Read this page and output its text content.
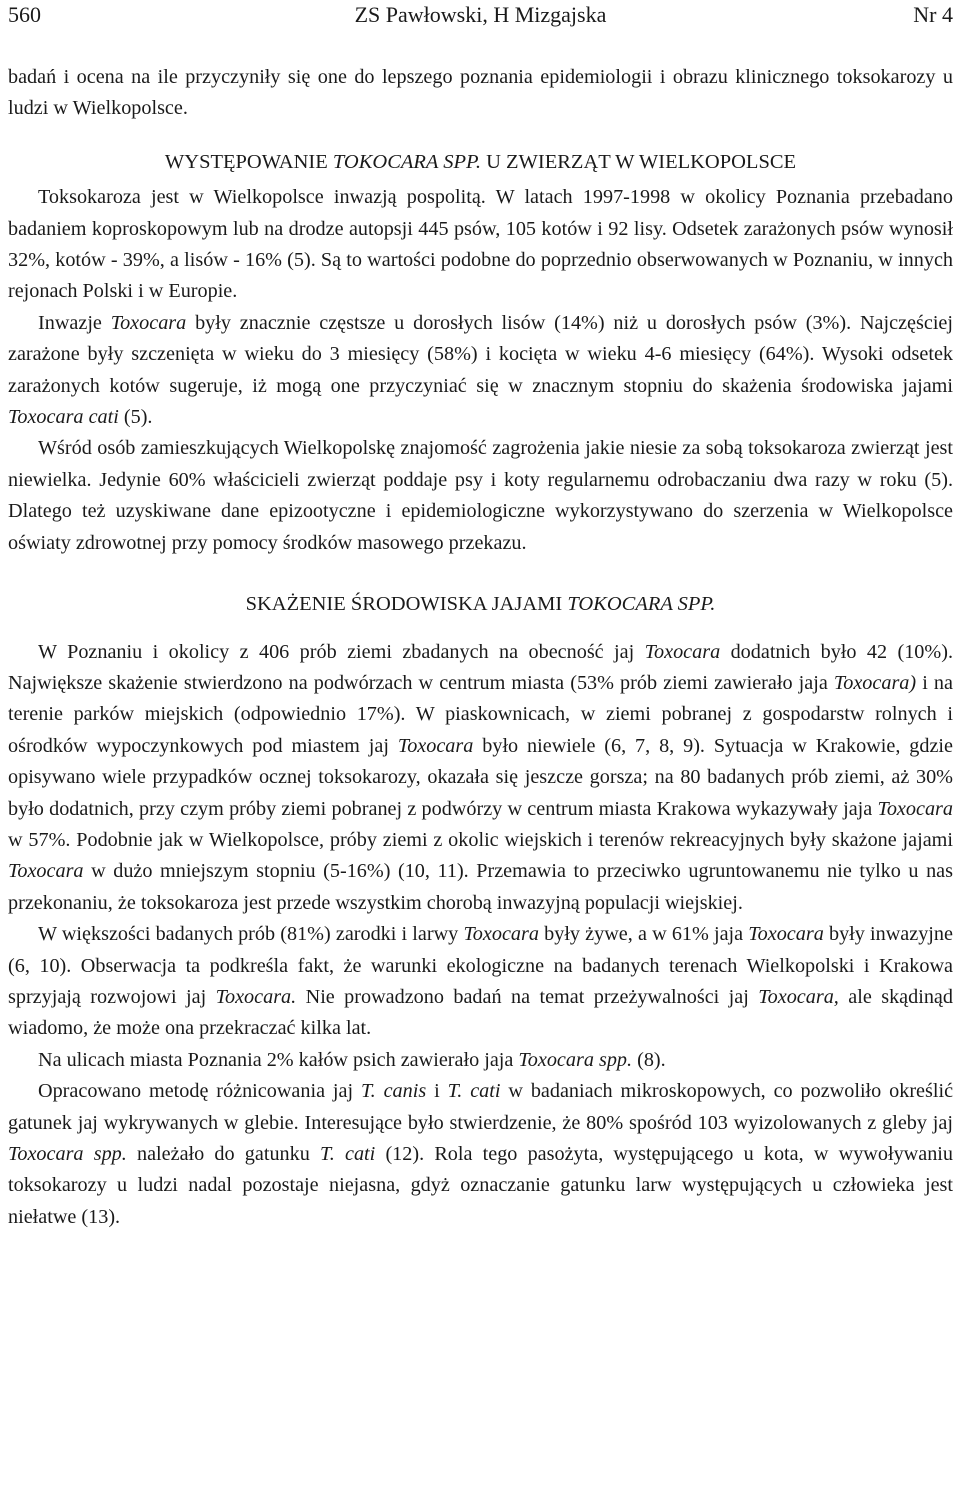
560	ZS Pawłowski, H Mizgajska	Nr 4

badań i ocena na ile przyczyniły się one do lepszego poznania epidemiologii i obrazu klinicznego toksokarozy u ludzi w Wielkopolsce.

WYSTĘPOWANIE TOKOCARA SPP. U ZWIERZĄT W WIELKOPOLSCE

Toksokaroza jest w Wielkopolsce inwazją pospolitą. W latach 1997-1998 w okolicy Poznania przebadano badaniem koproskopowym lub na drodze autopsji 445 psów, 105 kotów i 92 lisy. Odsetek zarażonych psów wynosił 32%, kotów - 39%, a lisów - 16% (5). Są to wartości podobne do poprzednio obserwowanych w Poznaniu, w innych rejonach Polski i w Europie.

Inwazje Toxocara były znacznie częstsze u dorosłych lisów (14%) niż u dorosłych psów (3%). Najczęściej zarażone były szczenięta w wieku do 3 miesięcy (58%) i kocięta w wieku 4-6 miesięcy (64%). Wysoki odsetek zarażonych kotów sugeruje, iż mogą one przyczyniać się w znacznym stopniu do skażenia środowiska jajami Toxocara cati (5).

Wśród osób zamieszkujących Wielkopolskę znajomość zagrożenia jakie niesie za sobą toksokaroza zwierząt jest niewielka. Jedynie 60% właścicieli zwierząt poddaje psy i koty regularnemu odrobaczaniu dwa razy w roku (5). Dlatego też uzyskiwane dane epizootyczne i epidemiologiczne wykorzystywano do szerzenia w Wielkopolsce oświaty zdrowotnej przy pomocy środków masowego przekazu.

SKAŻENIE ŚRODOWISKA JAJAMI TOKOCARA SPP.

W Poznaniu i okolicy z 406 prób ziemi zbadanych na obecność jaj Toxocara dodatnich było 42 (10%). Największe skażenie stwierdzono na podwórzach w centrum miasta (53% prób ziemi zawierało jaja Toxocara) i na terenie parków miejskich (odpowiednio 17%). W piaskownicach, w ziemi pobranej z gospodarstw rolnych i ośrodków wypoczynkowych pod miastem jaj Toxocara było niewiele (6, 7, 8, 9). Sytuacja w Krakowie, gdzie opisywano wiele przypadków ocznej toksokarozy, okazała się jeszcze gorsza; na 80 badanych prób ziemi, aż 30% było dodatnich, przy czym próby ziemi pobranej z podwórzy w centrum miasta Krakowa wykazywały jaja Toxocara w 57%. Podobnie jak w Wielkopolsce, próby ziemi z okolic wiejskich i terenów rekreacyjnych były skażone jajami Toxocara w dużo mniejszym stopniu (5-16%) (10, 11). Przemawia to przeciwko ugruntowanemu nie tylko u nas przekonaniu, że toksokaroza jest przede wszystkim chorobą inwazyjną populacji wiejskiej.

W większości badanych prób (81%) zarodki i larwy Toxocara były żywe, a w 61% jaja Toxocara były inwazyjne (6, 10). Obserwacja ta podkreśla fakt, że warunki ekologiczne na badanych terenach Wielkopolski i Krakowa sprzyjają rozwojowi jaj Toxocara. Nie prowadzono badań na temat przeżywalności jaj Toxocara, ale skądinąd wiadomo, że może ona przekraczać kilka lat.

Na ulicach miasta Poznania 2% kałów psich zawierało jaja Toxocara spp. (8).

Opracowano metodę różnicowania jaj T. canis i T. cati w badaniach mikroskopowych, co pozwoliło określić gatunek jaj wykrywanych w glebie. Interesujące było stwierdzenie, że 80% spośród 103 wyizolowanych z gleby jaj Toxocara spp. należało do gatunku T. cati (12). Rola tego pasożyta, występującego u kota, w wywoływaniu toksokarozy u ludzi nadal pozostaje niejasna, gdyż oznaczanie gatunku larw występujących u człowieka jest niełatwe (13).
